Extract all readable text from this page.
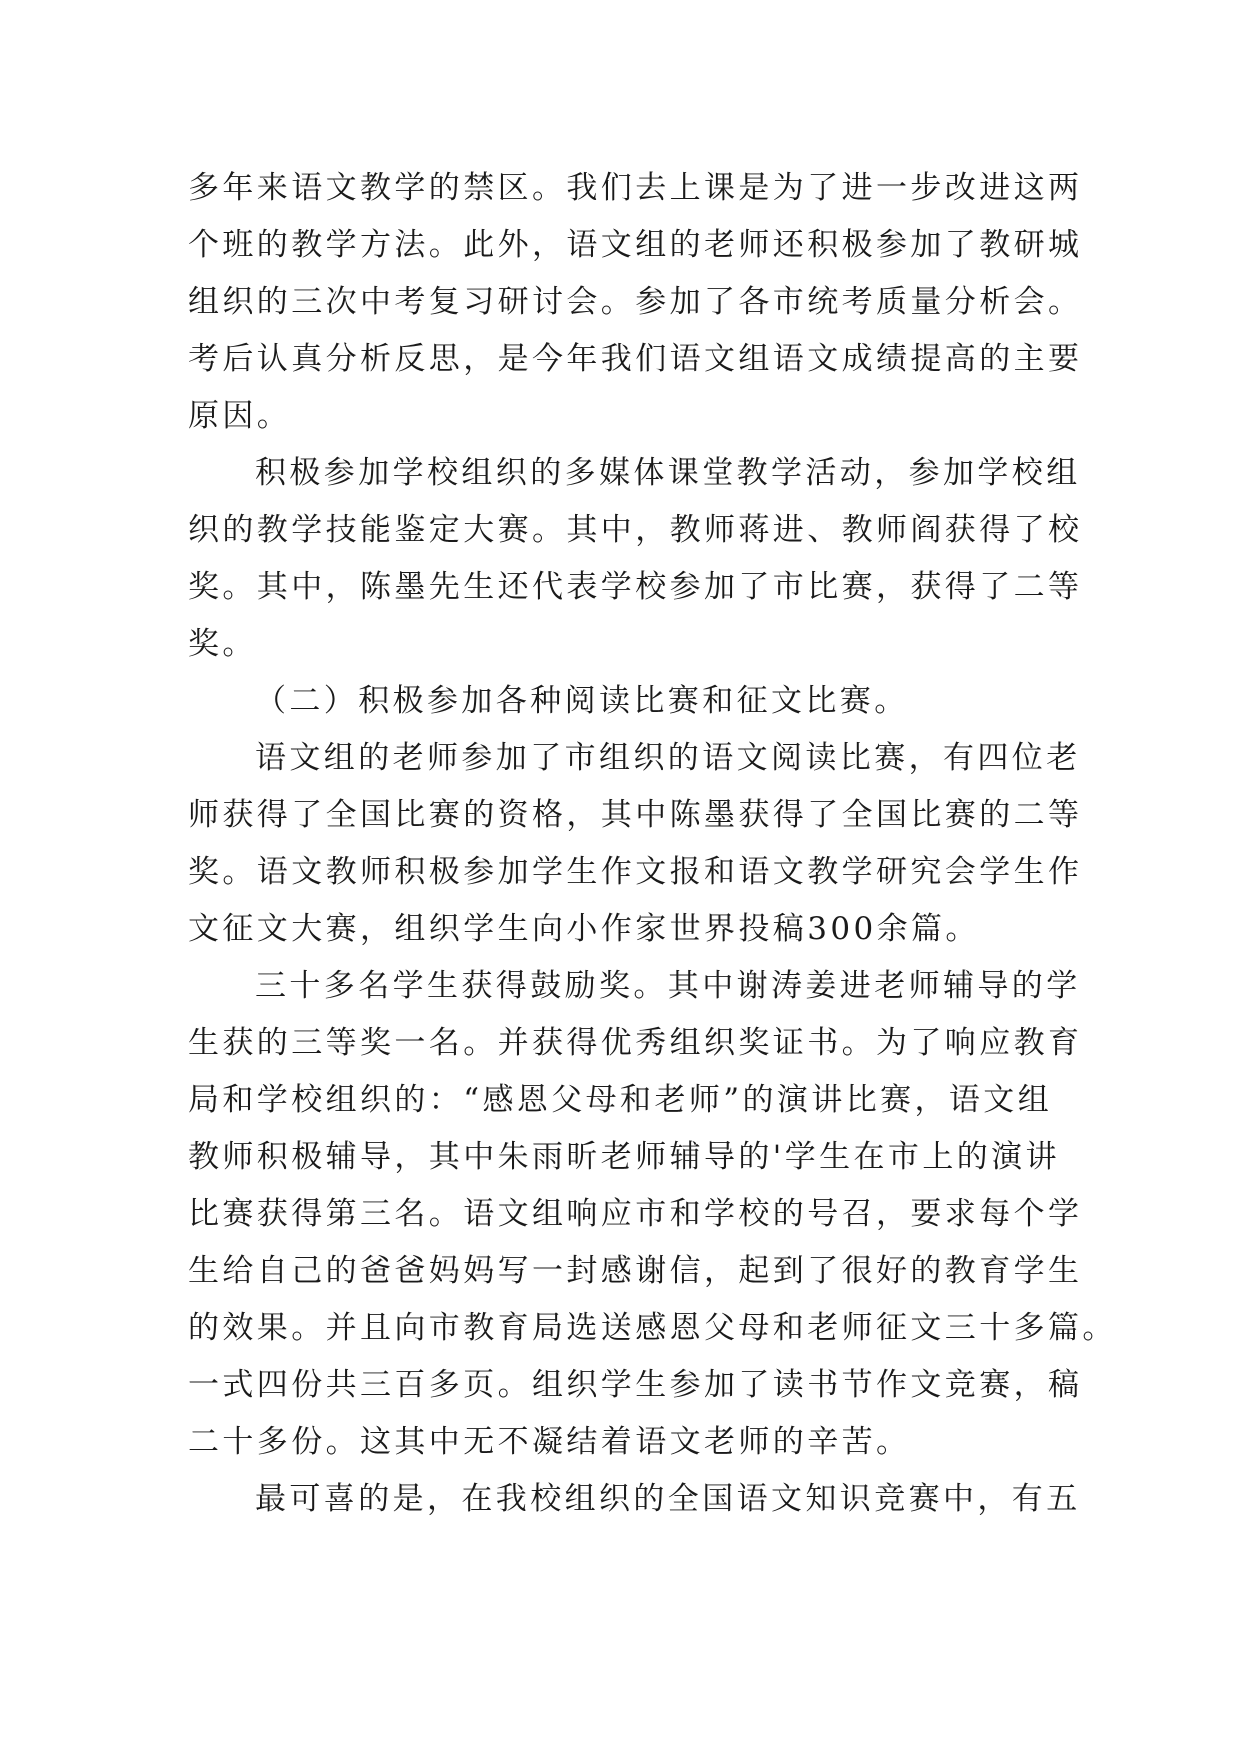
多年来语文教学的禁区。我们去上课是为了进一步改进这两
个班的教学方法。此外，语文组的老师还积极参加了教研城
组织的三次中考复习研讨会。参加了各市统考质量分析会。
考后认真分析反思，是今年我们语文组语文成绩提高的主要
原因。
积极参加学校组织的多媒体课堂教学活动，参加学校组
织的教学技能鉴定大赛。其中，教师蒋进、教师阎获得了校
奖。其中，陈墨先生还代表学校参加了市比赛，获得了二等
奖。
（二）积极参加各种阅读比赛和征文比赛。
语文组的老师参加了市组织的语文阅读比赛，有四位老
师获得了全国比赛的资格，其中陈墨获得了全国比赛的二等
奖。语文教师积极参加学生作文报和语文教学研究会学生作
文征文大赛，组织学生向小作家世界投稿300余篇。
三十多名学生获得鼓励奖。其中谢涛姜进老师辅导的学
生获的三等奖一名。并获得优秀组织奖证书。为了响应教育
局和学校组织的：“感恩父母和老师”的演讲比赛，语文组
教师积极辅导，其中朱雨昕老师辅导的'学生在市上的演讲
比赛获得第三名。语文组响应市和学校的号召，要求每个学
生给自己的爸爸妈妈写一封感谢信，起到了很好的教育学生
的效果。并且向市教育局选送感恩父母和老师征文三十多篇。
一式四份共三百多页。组织学生参加了读书节作文竞赛，稿
二十多份。这其中无不凝结着语文老师的辛苦。
最可喜的是，在我校组织的全国语文知识竞赛中，有五
